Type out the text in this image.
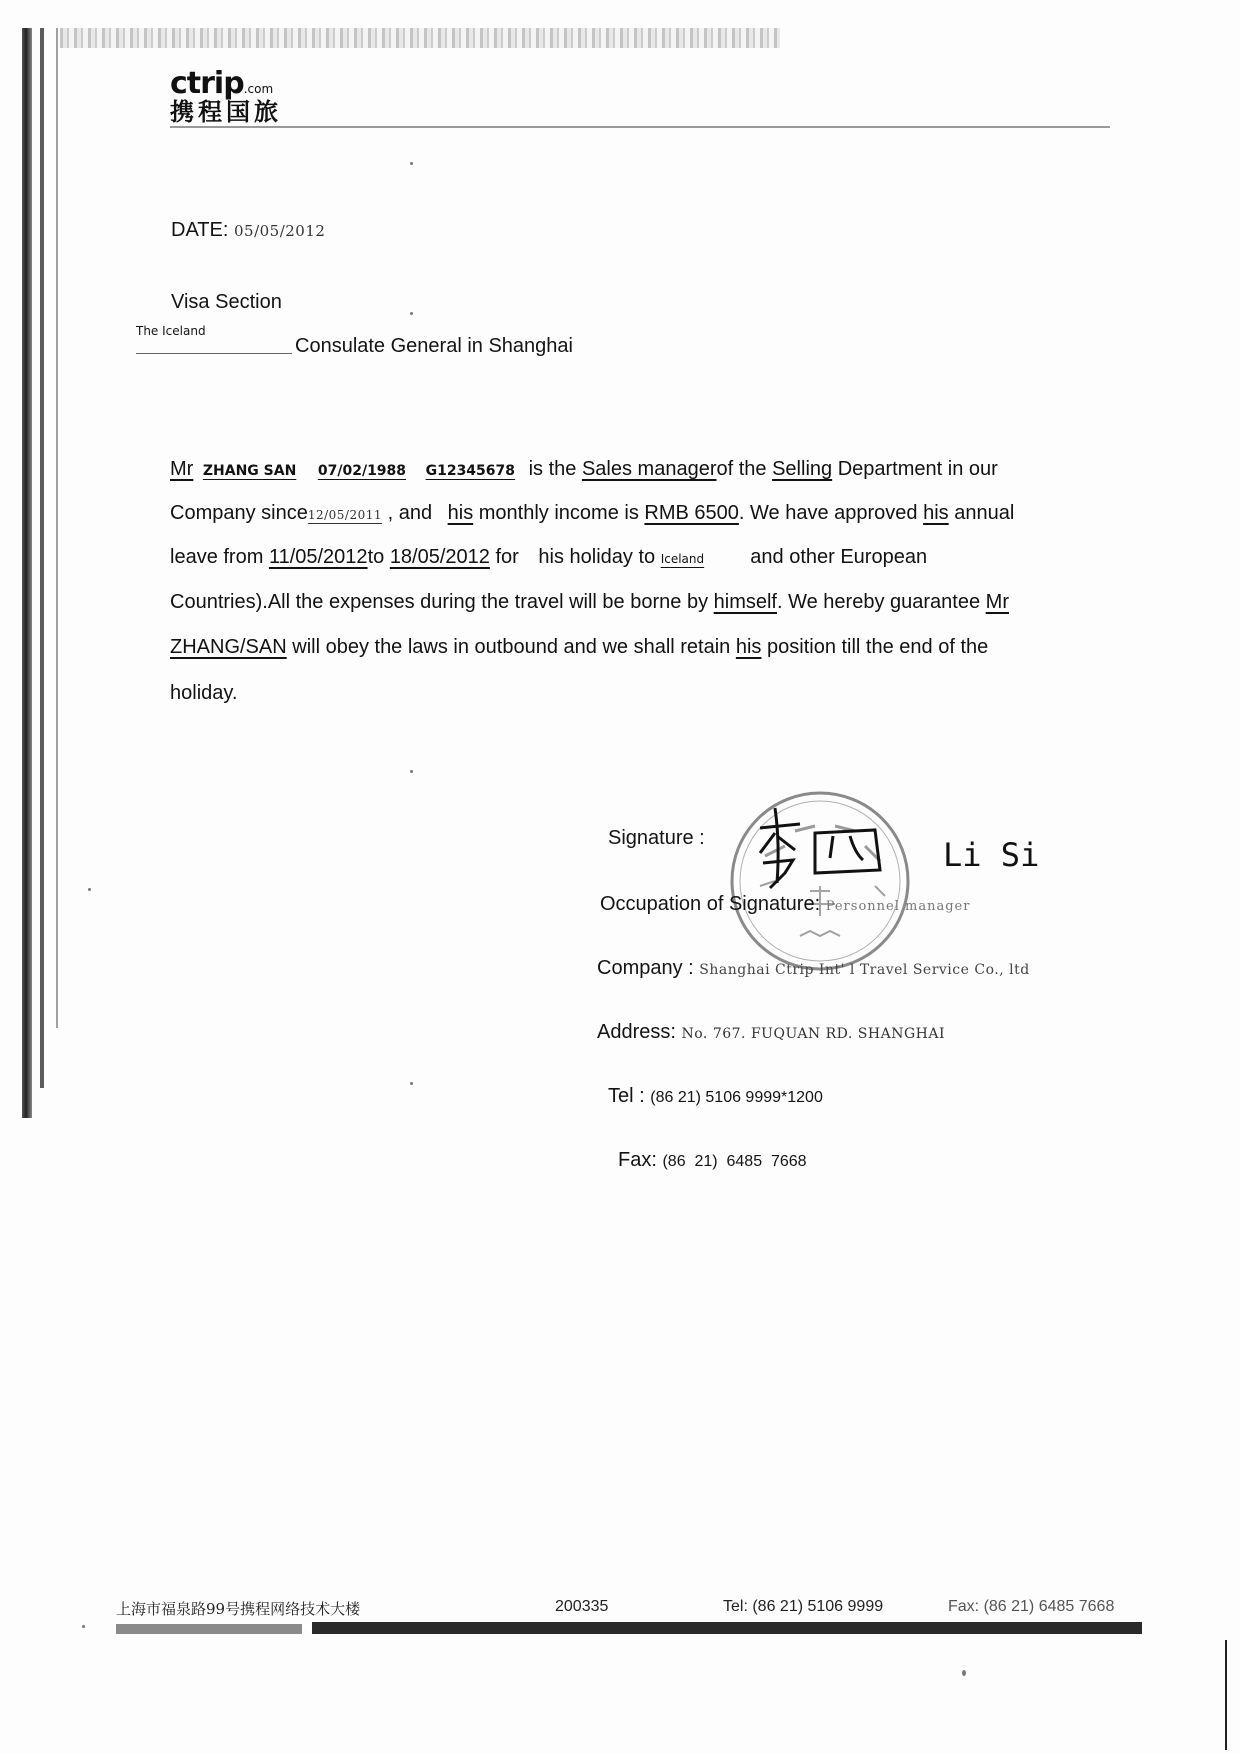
ctrip.com
携程国旅
DATE: 05/05/2012
Visa Section
The Iceland
Consulate General in Shanghai
Mr ZHANG SAN 07/02/1988 G12345678 is the Sales managerof the Selling Department in our
Company since12/05/2011 , and his monthly income is RMB 6500. We have approved his annual
leave from 11/05/2012to 18/05/2012 for his holiday to Iceland and other European
Countries).All the expenses during the travel will be borne by himself. We hereby guarantee Mr
ZHANG/SAN will obey the laws in outbound and we shall retain his position till the end of the
holiday.
Li Si
Signature :
Occupation of Signature: Personnel manager
Company : Shanghai Ctrip Int' l Travel Service Co., ltd
Address: No. 767. FUQUAN RD. SHANGHAI
Tel : (86 21) 5106 9999*1200
Fax: (86  21)  6485  7668
上海市福泉路99号携程网络技术大楼	200335	Tel: (86 21) 5106 9999	Fax: (86 21) 6485 7668
